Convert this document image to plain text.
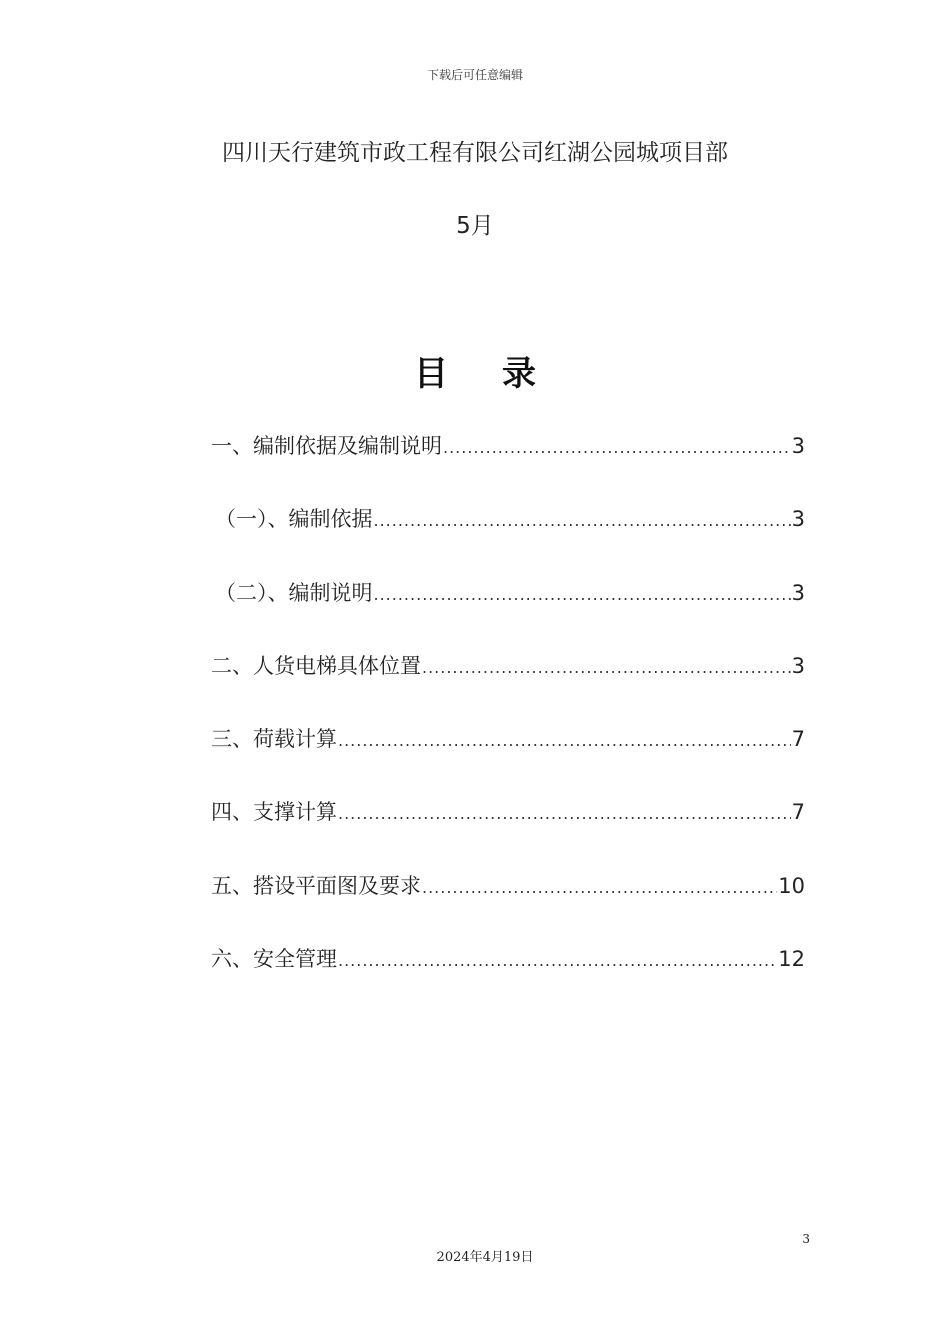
下载后可任意编辑
四川天行建筑市政工程有限公司红湖公园城项目部
5月
目录
一、编制依据及编制说明 .....	3
（一）、编制依据 .....	3
（二）、编制说明 .....	3
二、人货电梯具体位置 .....	3
三、荷载计算 .....	7
四、支撑计算 .....	7
五、搭设平面图及要求 .....	10
六、安全管理 .....	12
3
2024年4月19日
